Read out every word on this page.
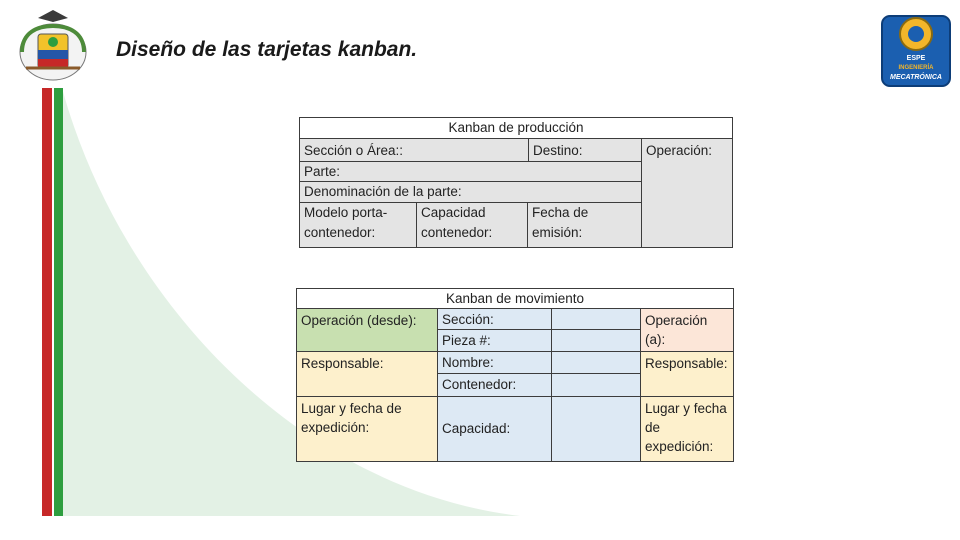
ESPE
INGENIERÍA
MECATRÓNICA
Diseño de las tarjetas kanban.
Kanban de producción
Sección o Área::	Destino:	Operación:
Parte:
Denominación de la parte:
Modelo porta-contenedor:
Capacidad contenedor:
Fecha de emisión:
Kanban de movimiento
Operación (desde):
Responsable:
Lugar y fecha de expedición:
Sección:
Pieza #:
Nombre:
Contenedor:
Capacidad:
Operación (a):
Responsable:
Lugar y fecha de expedición:
